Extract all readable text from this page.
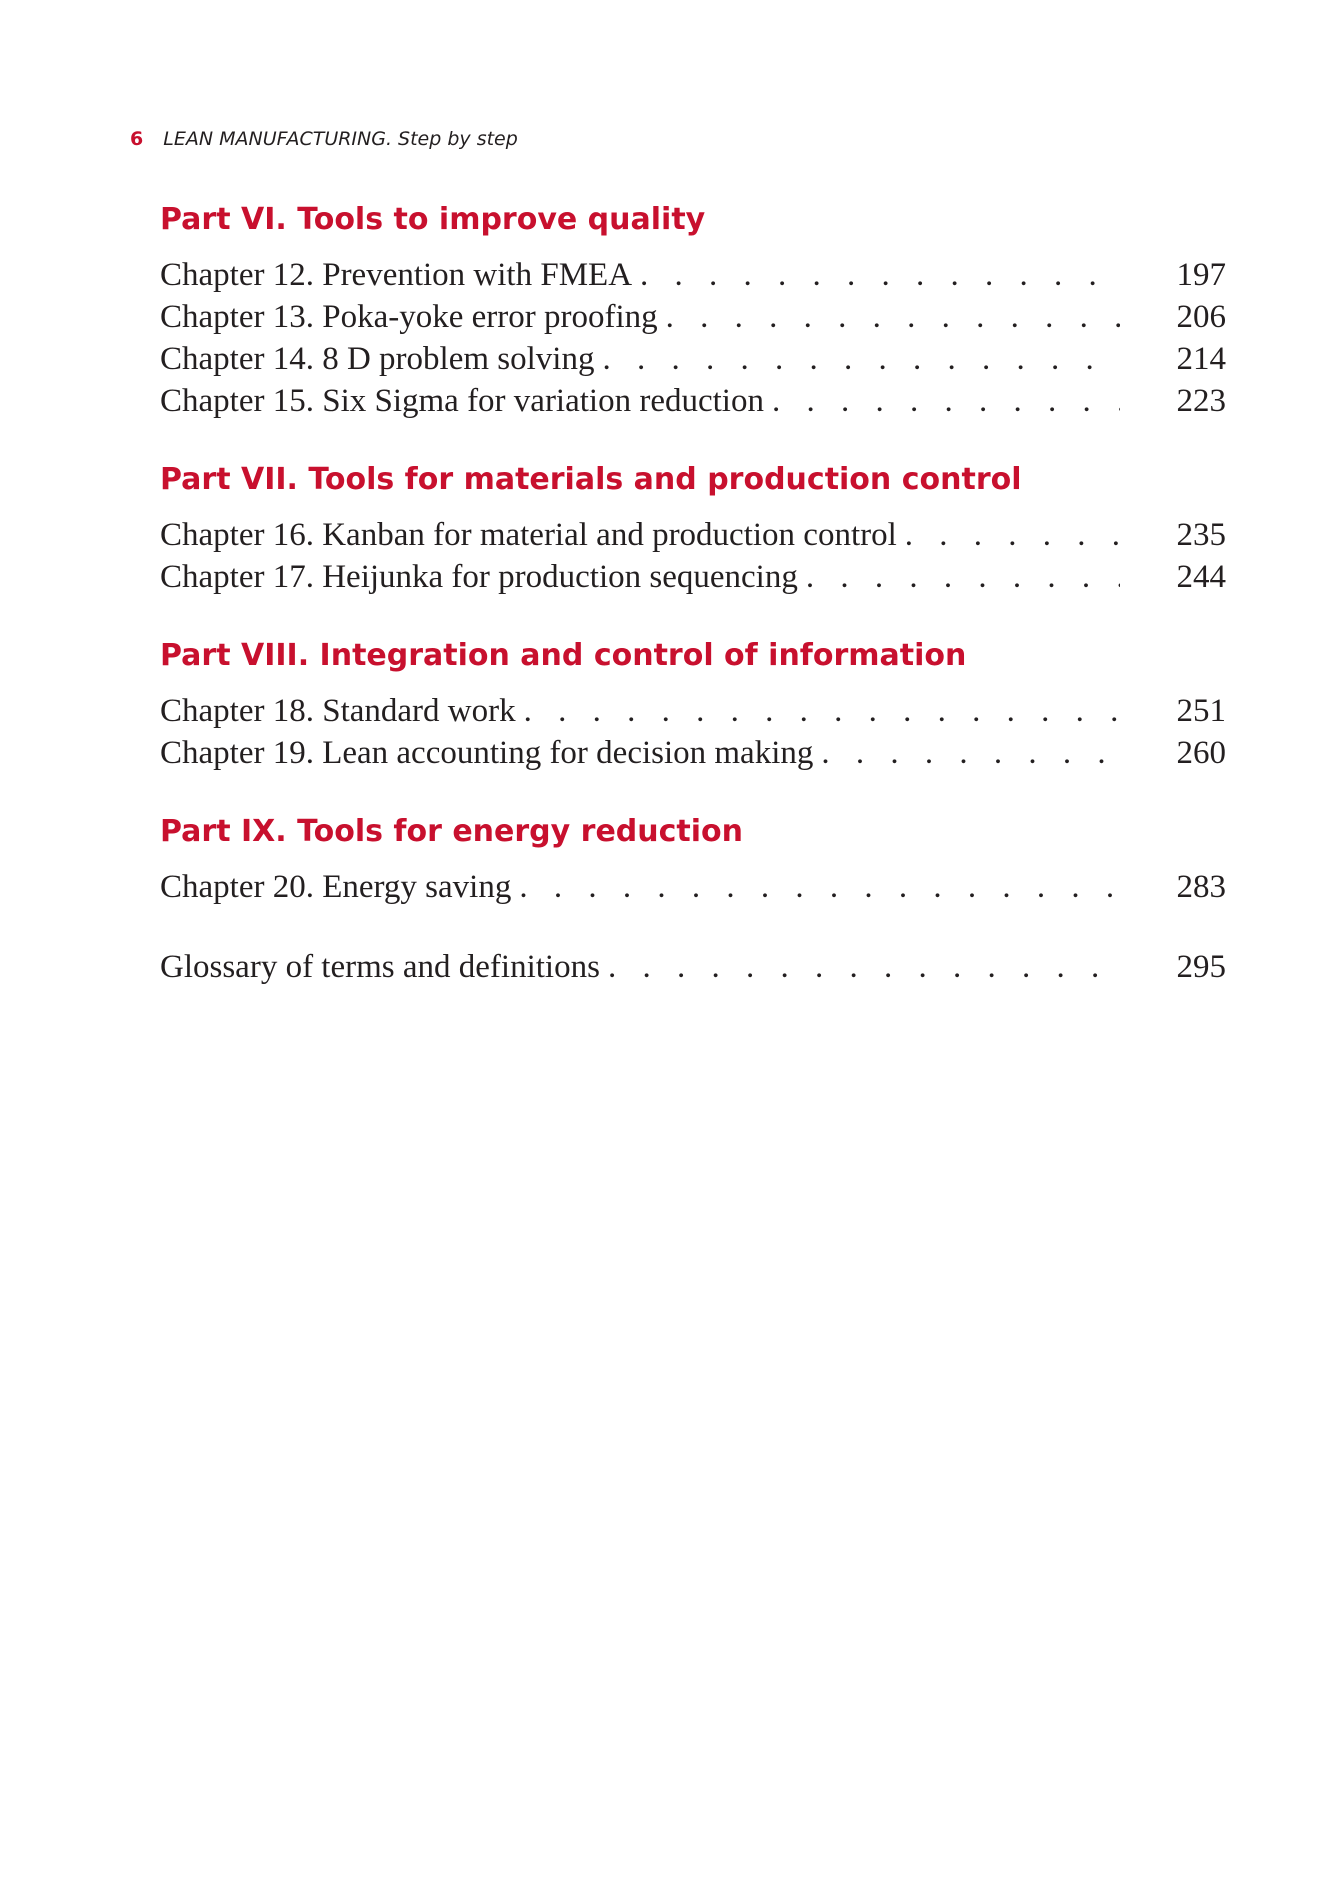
6 LEAN MANUFACTURING. Step by step
Part VI. Tools to improve quality
Chapter 12. Prevention with FMEA . . .	197
Chapter 13. Poka-yoke error proofing . . .	206
Chapter 14. 8 D problem solving . . .	214
Chapter 15. Six Sigma for variation reduction . . .	223
Part VII. Tools for materials and production control
Chapter 16. Kanban for material and production control . . .	235
Chapter 17. Heijunka for production sequencing . . .	244
Part VIII. Integration and control of information
Chapter 18. Standard work . . .	251
Chapter 19. Lean accounting for decision making . . .	260
Part IX. Tools for energy reduction
Chapter 20. Energy saving . . .	283
Glossary of terms and definitions . . .	295
